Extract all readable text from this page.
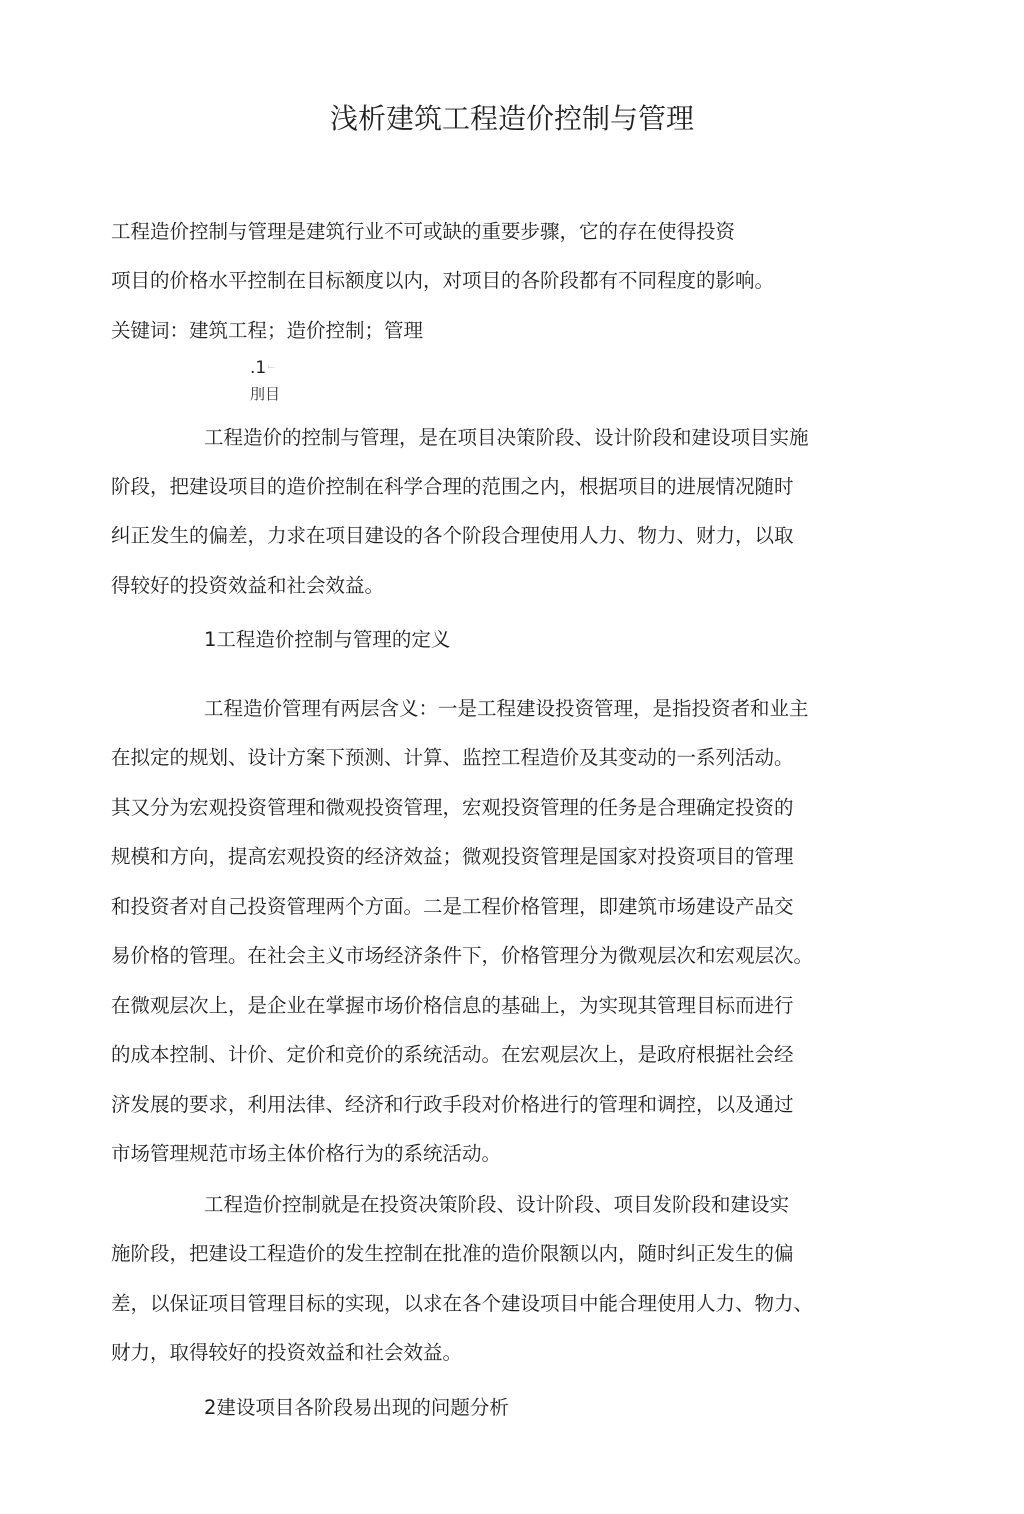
浅析建筑工程造价控制与管理
工程造价控制与管理是建筑行业不可或缺的重要步骤，它的存在使得投资
项目的价格水平控制在目标额度以内，对项目的各阶段都有不同程度的影响。
关键词：建筑工程；造价控制；管理
.1 ﹂
刖目
工程造价的控制与管理，是在项目决策阶段、设计阶段和建设项目实施
阶段，把建设项目的造价控制在科学合理的范围之内，根据项目的进展情况随时
纠正发生的偏差，力求在项目建设的各个阶段合理使用人力、物力、财力，以取
得较好的投资效益和社会效益。
1工程造价控制与管理的定义
工程造价管理有两层含义：一是工程建设投资管理，是指投资者和业主
在拟定的规划、设计方案下预测、计算、监控工程造价及其变动的一系列活动。
其又分为宏观投资管理和微观投资管理，宏观投资管理的任务是合理确定投资的
规模和方向，提高宏观投资的经济效益；微观投资管理是国家对投资项目的管理
和投资者对自己投资管理两个方面。二是工程价格管理，即建筑市场建设产品交
易价格的管理。在社会主义市场经济条件下，价格管理分为微观层次和宏观层次。
在微观层次上，是企业在掌握市场价格信息的基础上，为实现其管理目标而进行
的成本控制、计价、定价和竞价的系统活动。在宏观层次上，是政府根据社会经
济发展的要求，利用法律、经济和行政手段对价格进行的管理和调控，以及通过
市场管理规范市场主体价格行为的系统活动。
工程造价控制就是在投资决策阶段、设计阶段、项目发阶段和建设实
施阶段，把建设工程造价的发生控制在批准的造价限额以内，随时纠正发生的偏
差，以保证项目管理目标的实现，以求在各个建设项目中能合理使用人力、物力、
财力，取得较好的投资效益和社会效益。
2建设项目各阶段易出现的问题分析
